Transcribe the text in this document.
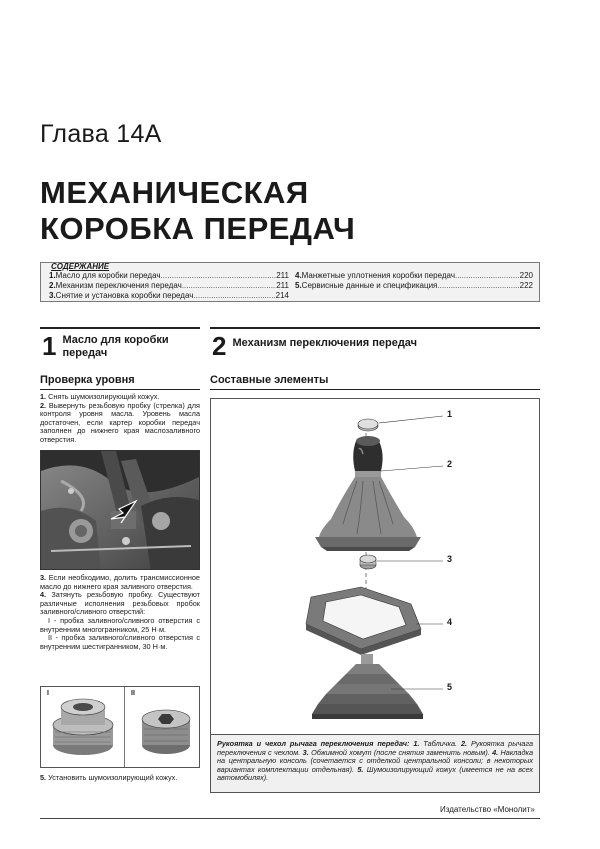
Глава 14А
МЕХАНИЧЕСКАЯ
КОРОБКА ПЕРЕДАЧ
СОДЕРЖАНИЕ
1. Масло для коробки передач .....	211
2. Механизм переключения передач .....	211
3. Снятие и установка коробки передач .....	214
4. Манжетные уплотнения коробки передач .....	220
5. Сервисные данные и спецификация .....	222
1 Масло для коробки
передач
Проверка уровня

1. Снять шумоизолирующий кожух.

2. Вывернуть резьбовую пробку (стрелка) для контроля уровня масла. Уровень масла достаточен, если картер коробки передач заполнен до нижнего края маслозаливного отверстия.

3. Если необходимо, долить трансмиссионное масло до нижнего края заливного отверстия.

4. Затянуть резьбовую пробку. Существуют различные исполнения резьбовых пробок заливного/сливного отверстий:

I - пробка заливного/сливного отверстия с внутренним многогранником, 25 Н·м.

II - пробка заливного/сливного отверстия с внутренним шестигранником, 30 Н·м.

I	II

5. Установить шумоизолирующий кожух.

2 Механизм переключения передач
Составные элементы
1
2
3
4
5
Рукоятка и чехол рычага переключения передач: 1. Табличка. 2. Рукоятка рычага переключения с чехлом. 3. Обжимной хомут (после снятия заменить новым). 4. Накладка на центральную консоль (сочетается с отделкой центральной консоли; в некоторых вариантах комплектации отдельная). 5. Шумоизолирующий кожух (имеется не на всех автомобилях).
Издательство «Монолит»
